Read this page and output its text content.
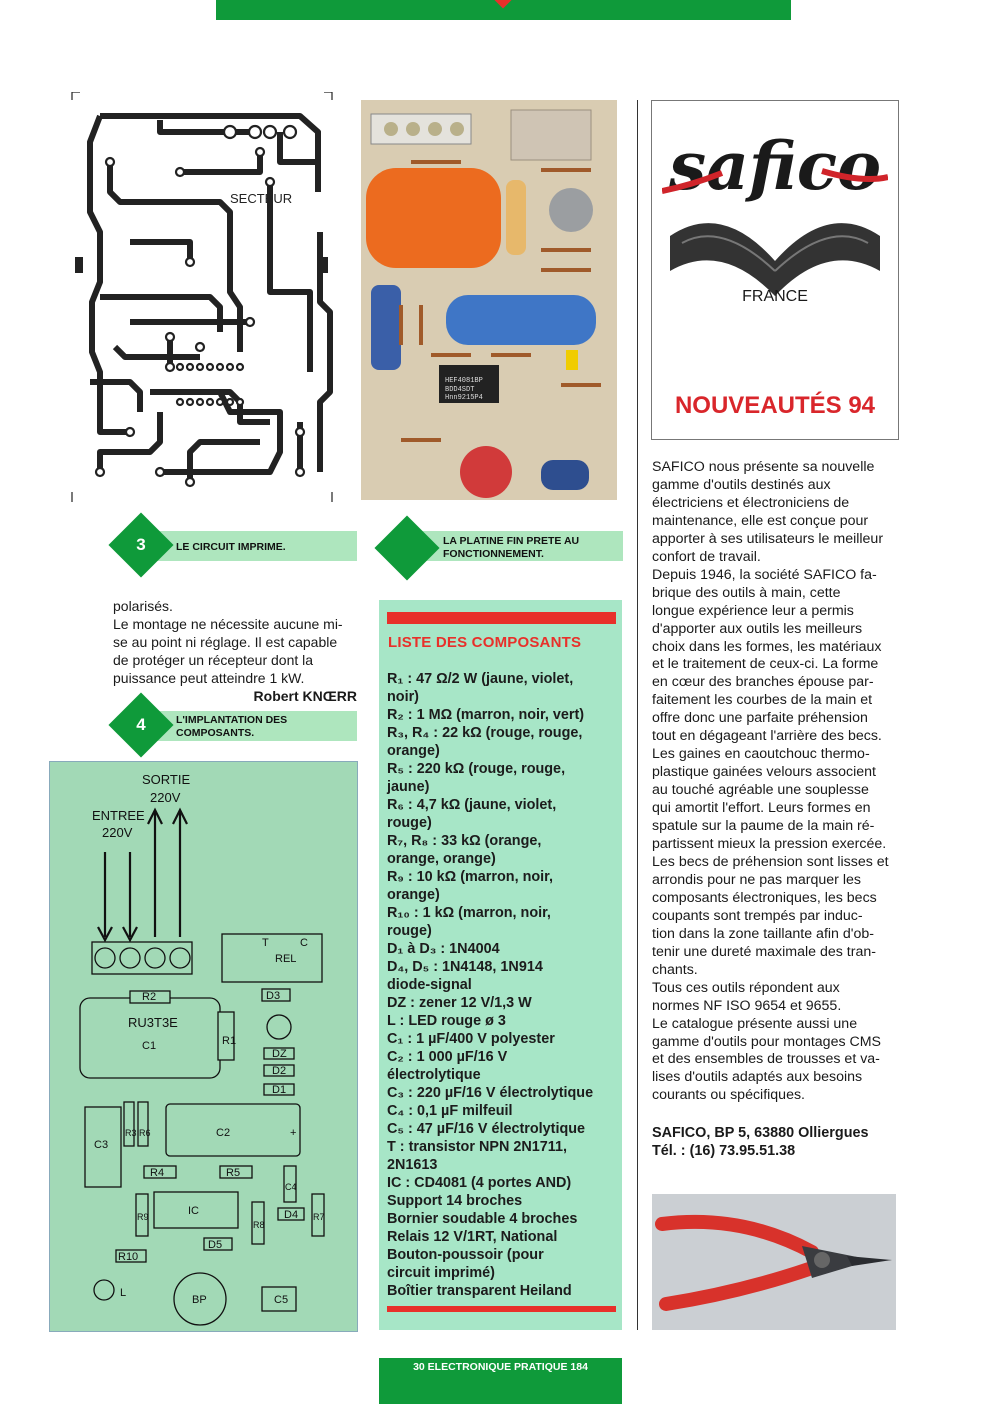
SECTEUR
HEF4081BP
BDD4SDT
Hnn9215P4
safico
FRANCE
NOUVEAUTÉS 94
3	LE CIRCUIT IMPRIME.	LA PLATINE FIN PRETE AU FONCTIONNEMENT.
polarisés.
Le montage ne nécessite aucune mi-
se au point ni réglage. Il est capable
de protéger un récepteur dont la
puissance peut atteindre 1 kW.
Robert KNŒRR
4	L'IMPLANTATION DES COMPOSANTS.
SORTIE
220V
ENTREE
220V
T	C
REL
R2	D3
RU3T3E
C1	R1
DZ
D2
D1
R3 R6
C3
C2	+
R4	R5
C4
R9	IC
R8
D4 R7
D5
R10
L
BP	C5
LISTE DES COMPOSANTS
R₁ : 47 Ω/2 W (jaune, violet,
noir)
R₂ : 1 MΩ (marron, noir, vert)
R₃, R₄ : 22 kΩ (rouge, rouge,
orange)
R₅ : 220 kΩ (rouge, rouge,
jaune)
R₆ : 4,7 kΩ (jaune, violet,
rouge)
R₇, R₈ : 33 kΩ (orange,
orange, orange)
R₉ : 10 kΩ (marron, noir,
orange)
R₁₀ : 1 kΩ (marron, noir,
rouge)
D₁ à D₃ : 1N4004
D₄, D₅ : 1N4148, 1N914
diode-signal
DZ : zener 12 V/1,3 W
L : LED rouge ø 3
C₁ : 1 µF/400 V polyester
C₂ : 1 000 µF/16 V
électrolytique
C₃ : 220 µF/16 V électrolytique
C₄ : 0,1 µF milfeuil
C₅ : 47 µF/16 V électrolytique
T : transistor NPN 2N1711,
2N1613
IC : CD4081 (4 portes AND)
Support 14 broches
Bornier soudable 4 broches
Relais 12 V/1RT, National
Bouton-poussoir (pour
circuit imprimé)
Boîtier transparent Heiland

SAFICO nous présente sa nouvelle

gamme d'outils destinés aux

électriciens et électroniciens de

maintenance, elle est conçue pour

apporter à ses utilisateurs le meilleur

confort de travail.

Depuis 1946, la société SAFICO fa-

brique des outils à main, cette

longue expérience leur a permis

d'apporter aux outils les meilleurs

choix dans les formes, les matériaux

et le traitement de ceux-ci. La forme

en cœur des branches épouse par-

faitement les courbes de la main et

offre donc une parfaite préhension

tout en dégageant l'arrière des becs.

Les gaines en caoutchouc thermo-

plastique gainées velours associent

au touché agréable une souplesse

qui amortit l'effort. Leurs formes en

spatule sur la paume de la main ré-

partissent mieux la pression exercée.

Les becs de préhension sont lisses et

arrondis pour ne pas marquer les

composants électroniques, les becs

coupants sont trempés par induc-

tion dans la zone taillante afin d'ob-

tenir une dureté maximale des tran-

chants.

Tous ces outils répondent aux

normes NF ISO 9654 et 9655.

Le catalogue présente aussi une

gamme d'outils pour montages CMS

et des ensembles de trousses et va-

lises d'outils adaptés aux besoins

courants ou spécifiques.

SAFICO, BP 5, 63880 Olliergues
Tél. : (16) 73.95.51.38
30 ELECTRONIQUE PRATIQUE 184
